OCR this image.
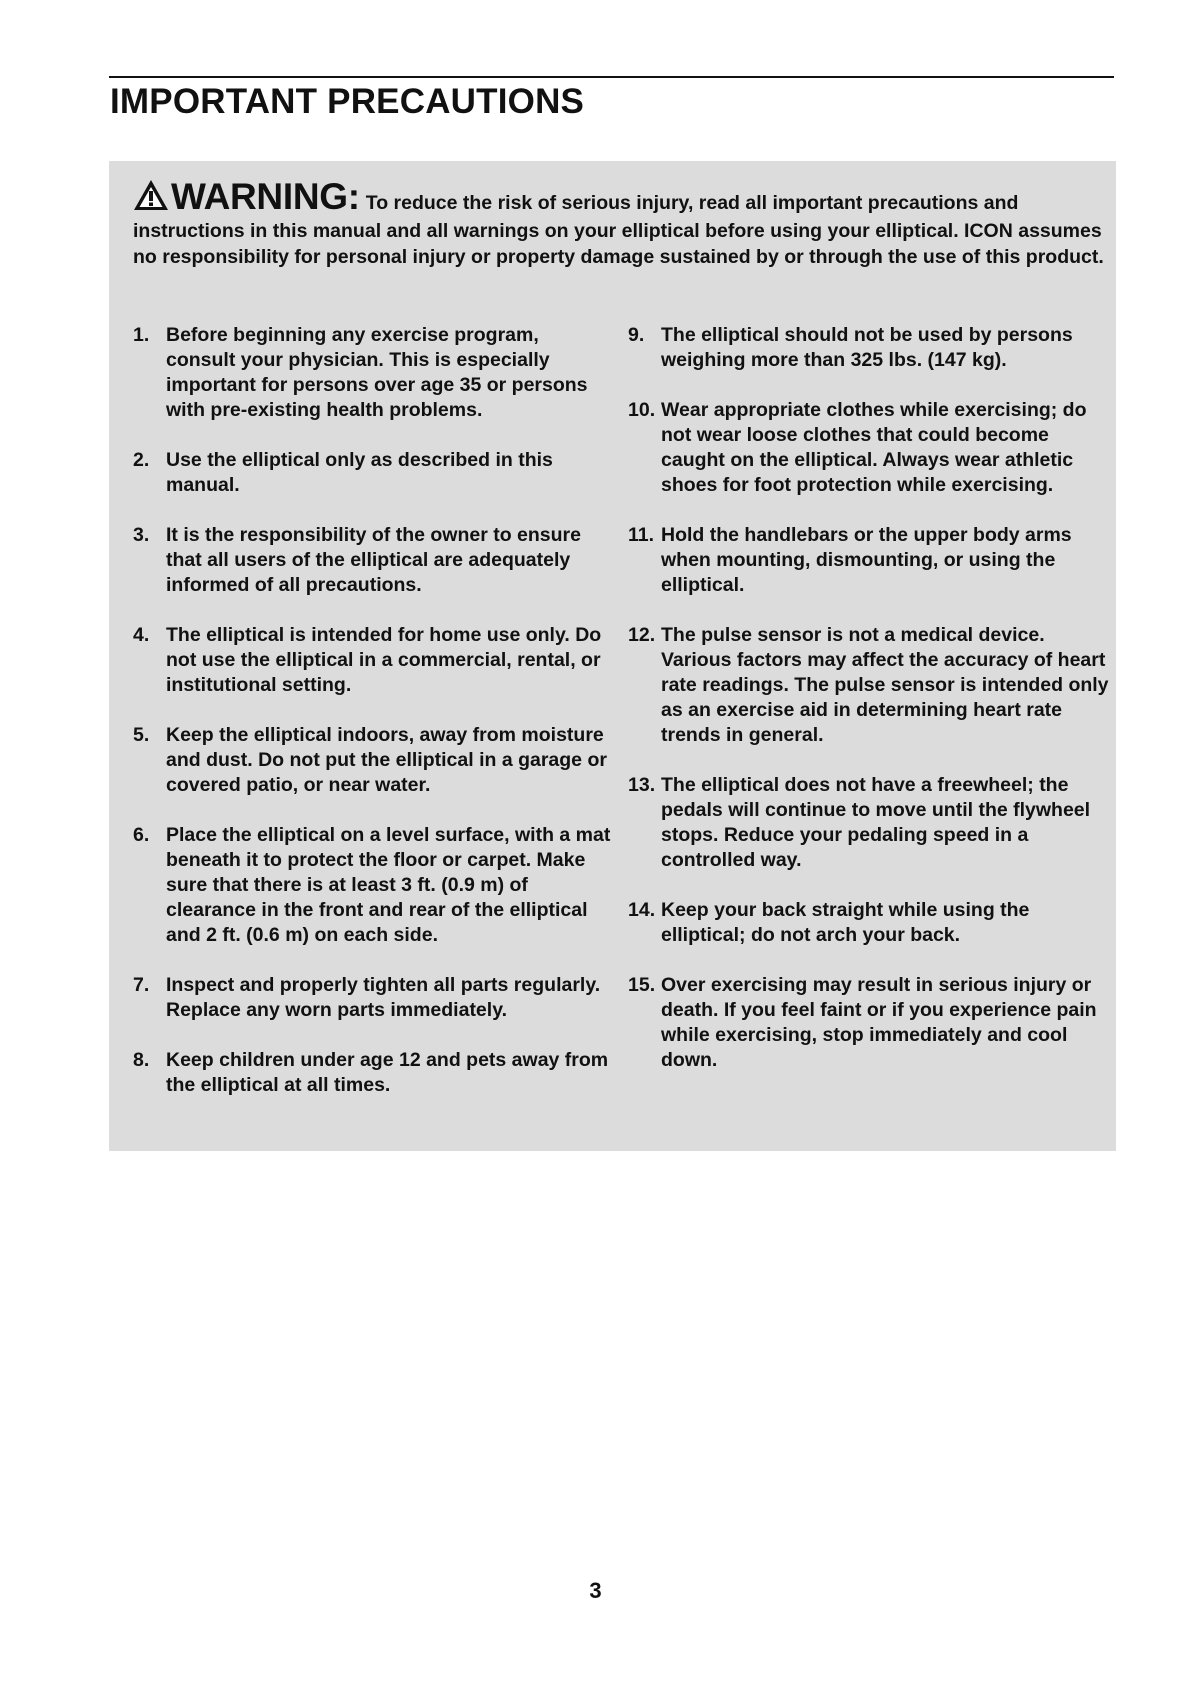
IMPORTANT PRECAUTIONS

WARNING: To reduce the risk of serious injury, read all important precautions and instructions in this manual and all warnings on your elliptical before using your elliptical. ICON assumes no responsibility for personal injury or property damage sustained by or through the use of this product.

1. Before beginning any exercise program, consult your physician. This is especially important for persons over age 35 or persons with pre-existing health problems.
2. Use the elliptical only as described in this manual.
3. It is the responsibility of the owner to ensure that all users of the elliptical are adequately informed of all precautions.
4. The elliptical is intended for home use only. Do not use the elliptical in a commercial, rental, or institutional setting.
5. Keep the elliptical indoors, away from moisture and dust. Do not put the elliptical in a garage or covered patio, or near water.
6. Place the elliptical on a level surface, with a mat beneath it to protect the floor or carpet. Make sure that there is at least 3 ft. (0.9 m) of clearance in the front and rear of the elliptical and 2 ft. (0.6 m) on each side.
7. Inspect and properly tighten all parts regularly. Replace any worn parts immediately.
8. Keep children under age 12 and pets away from the elliptical at all times.
9. The elliptical should not be used by persons weighing more than 325 lbs. (147 kg).
10. Wear appropriate clothes while exercising; do not wear loose clothes that could become caught on the elliptical. Always wear athletic shoes for foot protection while exercising.
11. Hold the handlebars or the upper body arms when mounting, dismounting, or using the elliptical.
12. The pulse sensor is not a medical device. Various factors may affect the accuracy of heart rate readings. The pulse sensor is intended only as an exercise aid in determining heart rate trends in general.
13. The elliptical does not have a freewheel; the pedals will continue to move until the flywheel stops. Reduce your pedaling speed in a controlled way.
14. Keep your back straight while using the elliptical; do not arch your back.
15. Over exercising may result in serious injury or death. If you feel faint or if you experience pain while exercising, stop immediately and cool down.
3
